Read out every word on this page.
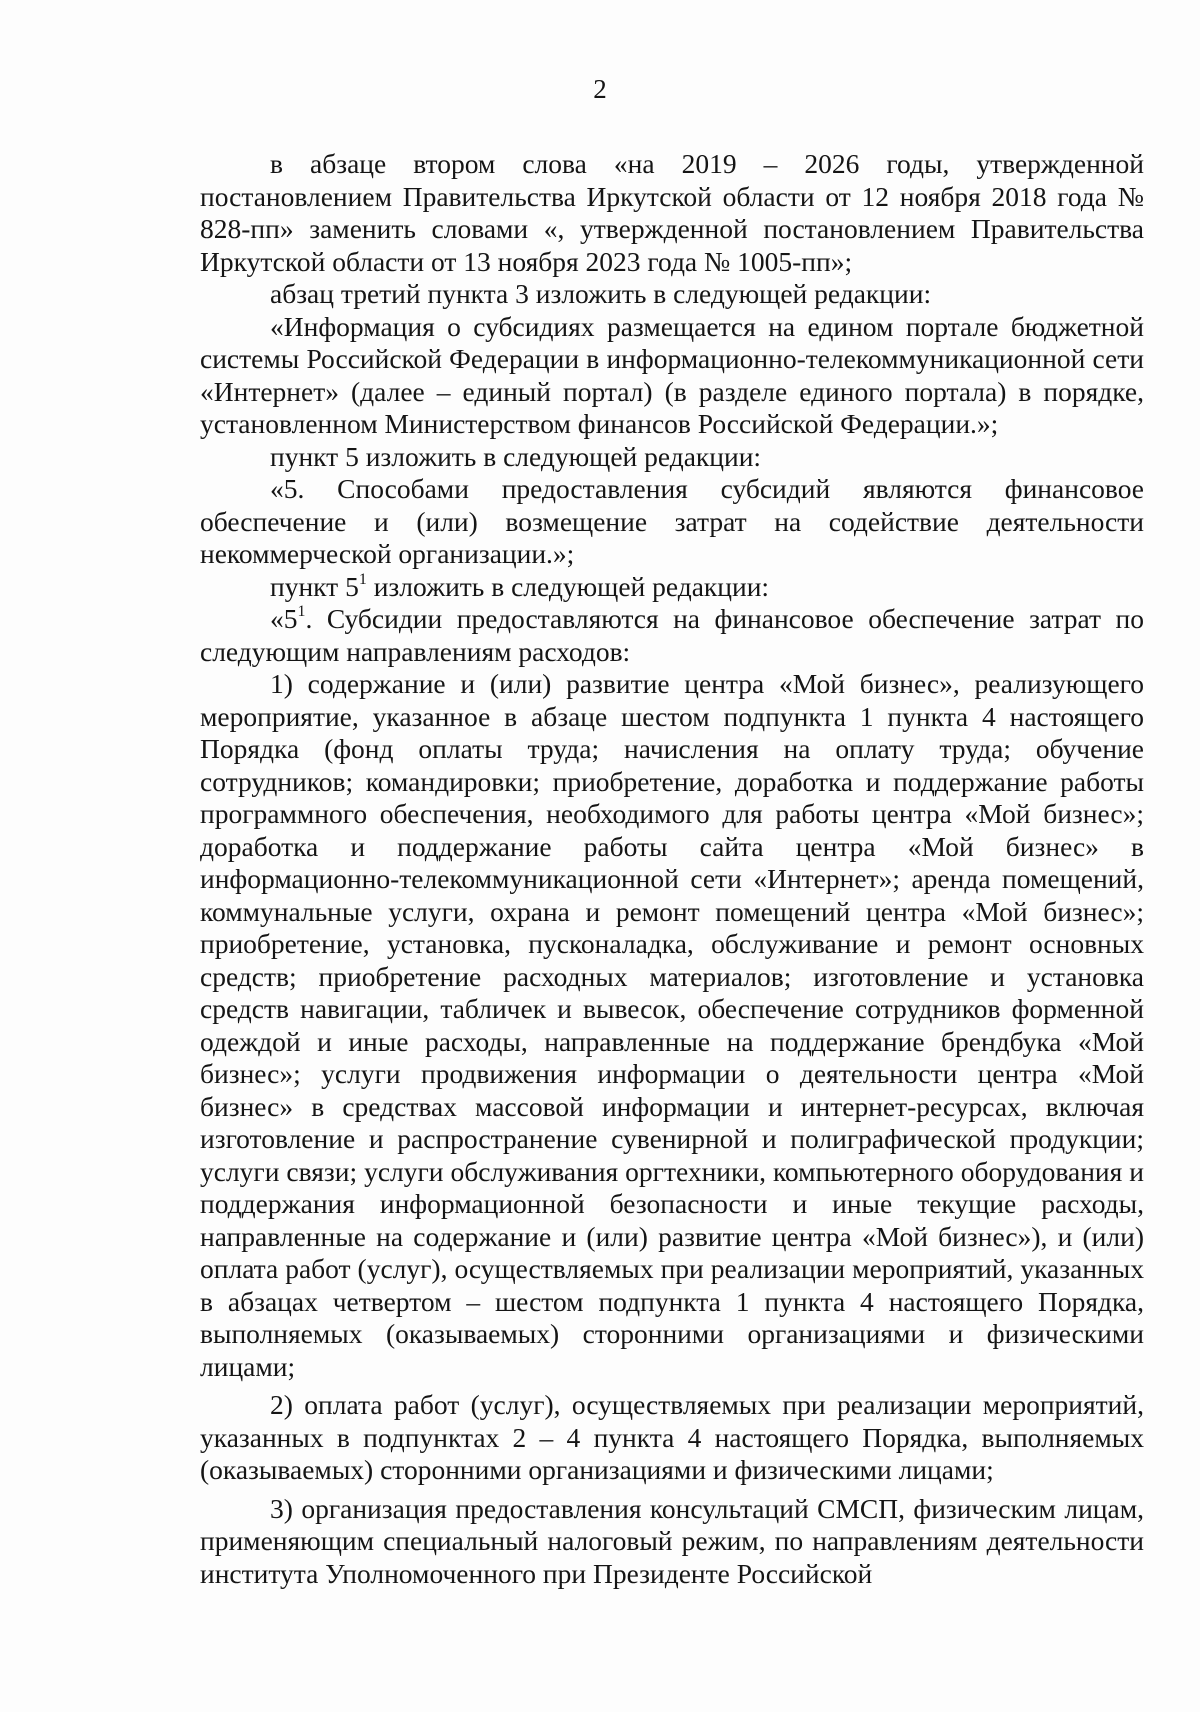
2

в абзаце втором слова «на 2019 – 2026 годы, утвержденной постановлением Правительства Иркутской области от 12 ноября 2018 года № 828-пп» заменить словами «, утвержденной постановлением Правительства Иркутской области от 13 ноября 2023 года № 1005-пп»;

абзац третий пункта 3 изложить в следующей редакции:

«Информация о субсидиях размещается на едином портале бюджетной системы Российской Федерации в информационно-телекоммуникационной сети «Интернет» (далее – единый портал) (в разделе единого портала) в порядке, установленном Министерством финансов Российской Федерации.»;

пункт 5 изложить в следующей редакции:

«5. Способами предоставления субсидий являются финансовое обеспечение и (или) возмещение затрат на содействие деятельности некоммерческой организации.»;

пункт $5^1$ изложить в следующей редакции:

«$5^1$. Субсидии предоставляются на финансовое обеспечение затрат по следующим направлениям расходов:

1) содержание и (или) развитие центра «Мой бизнес», реализующего мероприятие, указанное в абзаце шестом подпункта 1 пункта 4 настоящего Порядка (фонд оплаты труда; начисления на оплату труда; обучение сотрудников; командировки; приобретение, доработка и поддержание работы программного обеспечения, необходимого для работы центра «Мой бизнес»; доработка и поддержание работы сайта центра «Мой бизнес» в информационно-телекоммуникационной сети «Интернет»; аренда помещений, коммунальные услуги, охрана и ремонт помещений центра «Мой бизнес»; приобретение, установка, пусконаладка, обслуживание и ремонт основных средств; приобретение расходных материалов; изготовление и установка средств навигации, табличек и вывесок, обеспечение сотрудников форменной одеждой и иные расходы, направленные на поддержание брендбука «Мой бизнес»; услуги продвижения информации о деятельности центра «Мой бизнес» в средствах массовой информации и интернет-ресурсах, включая изготовление и распространение сувенирной и полиграфической продукции; услуги связи; услуги обслуживания оргтехники, компьютерного оборудования и поддержания информационной безопасности и иные текущие расходы, направленные на содержание и (или) развитие центра «Мой бизнес»), и (или) оплата работ (услуг), осуществляемых при реализации мероприятий, указанных в абзацах четвертом – шестом подпункта 1 пункта 4 настоящего Порядка, выполняемых (оказываемых) сторонними организациями и физическими лицами;

2) оплата работ (услуг), осуществляемых при реализации мероприятий, указанных в подпунктах 2 – 4 пункта 4 настоящего Порядка, выполняемых (оказываемых) сторонними организациями и физическими лицами;

3) организация предоставления консультаций СМСП, физическим лицам, применяющим специальный налоговый режим, по направлениям деятельности института Уполномоченного при Президенте Российской
